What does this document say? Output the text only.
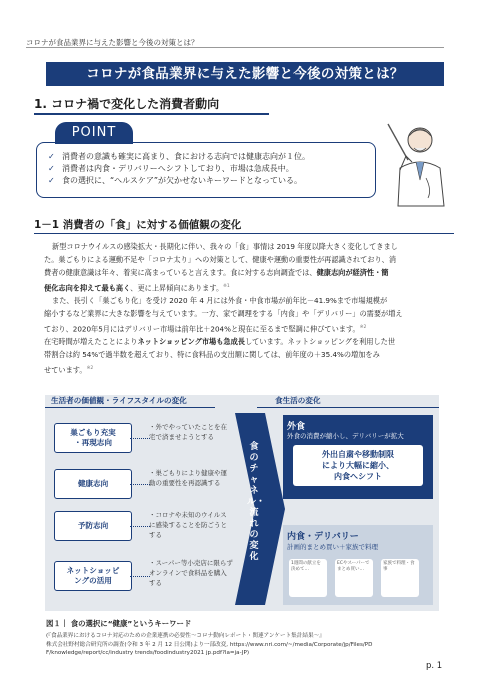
コロナが食品業界に与えた影響と今後の対策とは？
コロナが食品業界に与えた影響と今後の対策とは？
1. コロナ禍で変化した消費者動向
POINT
✓ 消費者の意識も確実に高まり、食における志向では健康志向が１位。
✓ 消費者は内食・デリバリーへシフトしており、市場は急成長中。
✓ 食の選択に、“ヘルスケア”が欠かせないキーワードとなっている。
1－1 消費者の「食」に対する価値観の変化

新型コロナウイルスの感染拡大・長期化に伴い、我々の「食」事情は 2019 年度以降大きく変化してきまし

た。巣ごもりによる運動不足や「コロナ太り」への対策として、健康や運動の重要性が再認識されており、消

費者の健康意識は年々、着実に高まっていると言えます。食に対する志向調査では、健康志向が経済性・簡

便化志向を抑えて最も高く、更に上昇傾向にあります。$^{※1}$

また、長引く「巣ごもり化」を受け 2020 年 4 月には外食・中食市場が前年比－41.9%まで市場規模が

縮小するなど業界に大きな影響を与えています。一方、家で調理をする「内食」や「デリバリー」の需要が増え

ており、2020年5月にはデリバリー市場は前年比＋204%と現在に至るまで堅調に伸びています。$^{※2}$

在宅時間が増えたことによりネットショッピング市場も急成長しています。ネットショッピングを利用した世

帯割合は約 54%で過半数を超えており、特に食料品の支出額に関しては、前年度の＋35.4%の増加をみ

せています。$^{※2}$

生活者の価値観・ライフスタイルの変化	食生活の変化
巣ごもり充実
・再現志向
・外でやっていたことを在宅で済ませようとする
健康志向
・巣ごもりにより健康や運動の重要性を再認識する
予防志向
・コロナや未知のウイルスに感染することを防ごうとする
ネットショッピ
ングの活用
・スーパー等小売店に限らずオンラインで食料品を購入する
外食
外食の消費が縮小し、デリバリーが拡大
外出自粛や移動制限
により大幅に縮小、
内食へシフト
内食・デリバリー
計画的まとめ買い＋家族で料理
1週間の献立を決めて…
ECやスーパーでまとめ買い…
家族で料理・食事
食のチャネル・流れの変化
図１｜ 食の選択に“健康”というキーワード
(『食品業界におけるコロナ対応のための企業連携の必要性～コロナ動向レポート・関連アンケート集計結果～』
株式会社野村総合研究所の調査(令和 3 年 2 月 12 日公開)より一部改変, https://www.nri.com/~/media/Corporate/jp/Files/PD
F/knowledge/report/cc/industry trends/foodindustry2021 jp.pdf?la=ja-JP)
p. 1
